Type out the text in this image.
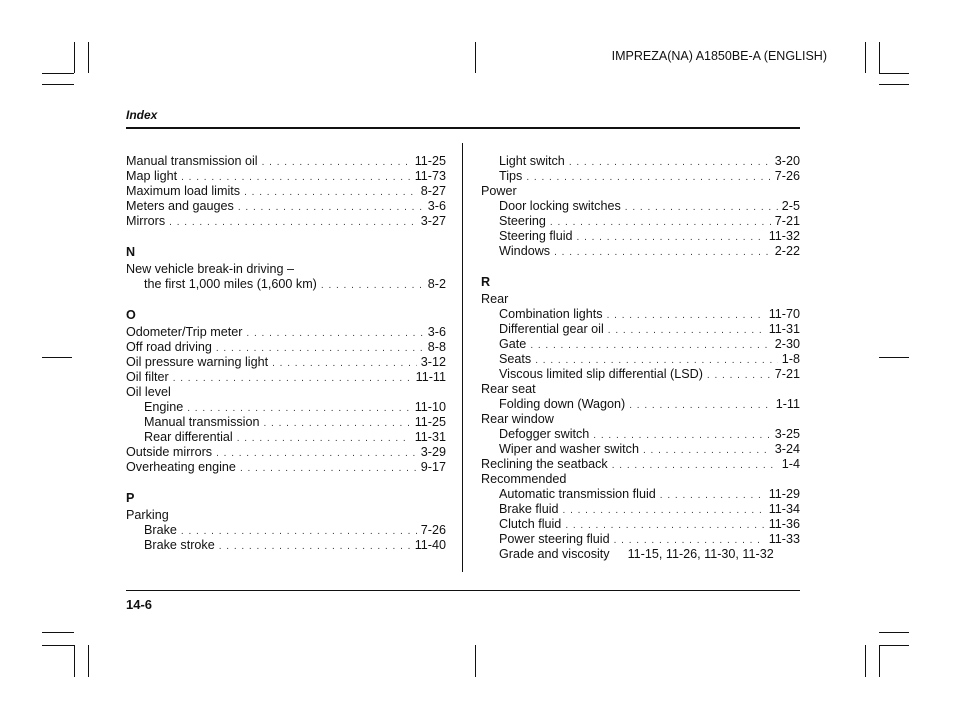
IMPREZA(NA) A1850BE-A (ENGLISH)
Index
Manual transmission oil . . .	11-25
Map light . . .	11-73
Maximum load limits . . .	8-27
Meters and gauges . . .	3-6
Mirrors . . .	3-27
N
New vehicle break-in driving –
the first 1,000 miles (1,600 km) . . .	8-2
O
Odometer/Trip meter . . .	3-6
Off road driving . . .	8-8
Oil pressure warning light . . .	3-12
Oil filter . . .	11-11
Oil level
Engine . . .	11-10
Manual transmission . . .	11-25
Rear differential . . .	11-31
Outside mirrors . . .	3-29
Overheating engine . . .	9-17
P
Parking
Brake . . .	7-26
Brake stroke . . .	11-40
Light switch . . .	3-20
Tips . . .	7-26
Power
Door locking switches . . .	2-5
Steering . . .	7-21
Steering fluid . . .	11-32
Windows . . .	2-22
R
Rear
Combination lights . . .	11-70
Differential gear oil . . .	11-31
Gate . . .	2-30
Seats . . .	1-8
Viscous limited slip differential (LSD) . . .	7-21
Rear seat
Folding down (Wagon) . . .	1-11
Rear window
Defogger switch . . .	3-25
Wiper and washer switch . . .	3-24
Reclining the seatback . . .	1-4
Recommended
Automatic transmission fluid . . .	11-29
Brake fluid . . .	11-34
Clutch fluid . . .	11-36
Power steering fluid . . .	11-33
Grade and viscosity 11-15, 11-26, 11-30, 11-32
14-6
